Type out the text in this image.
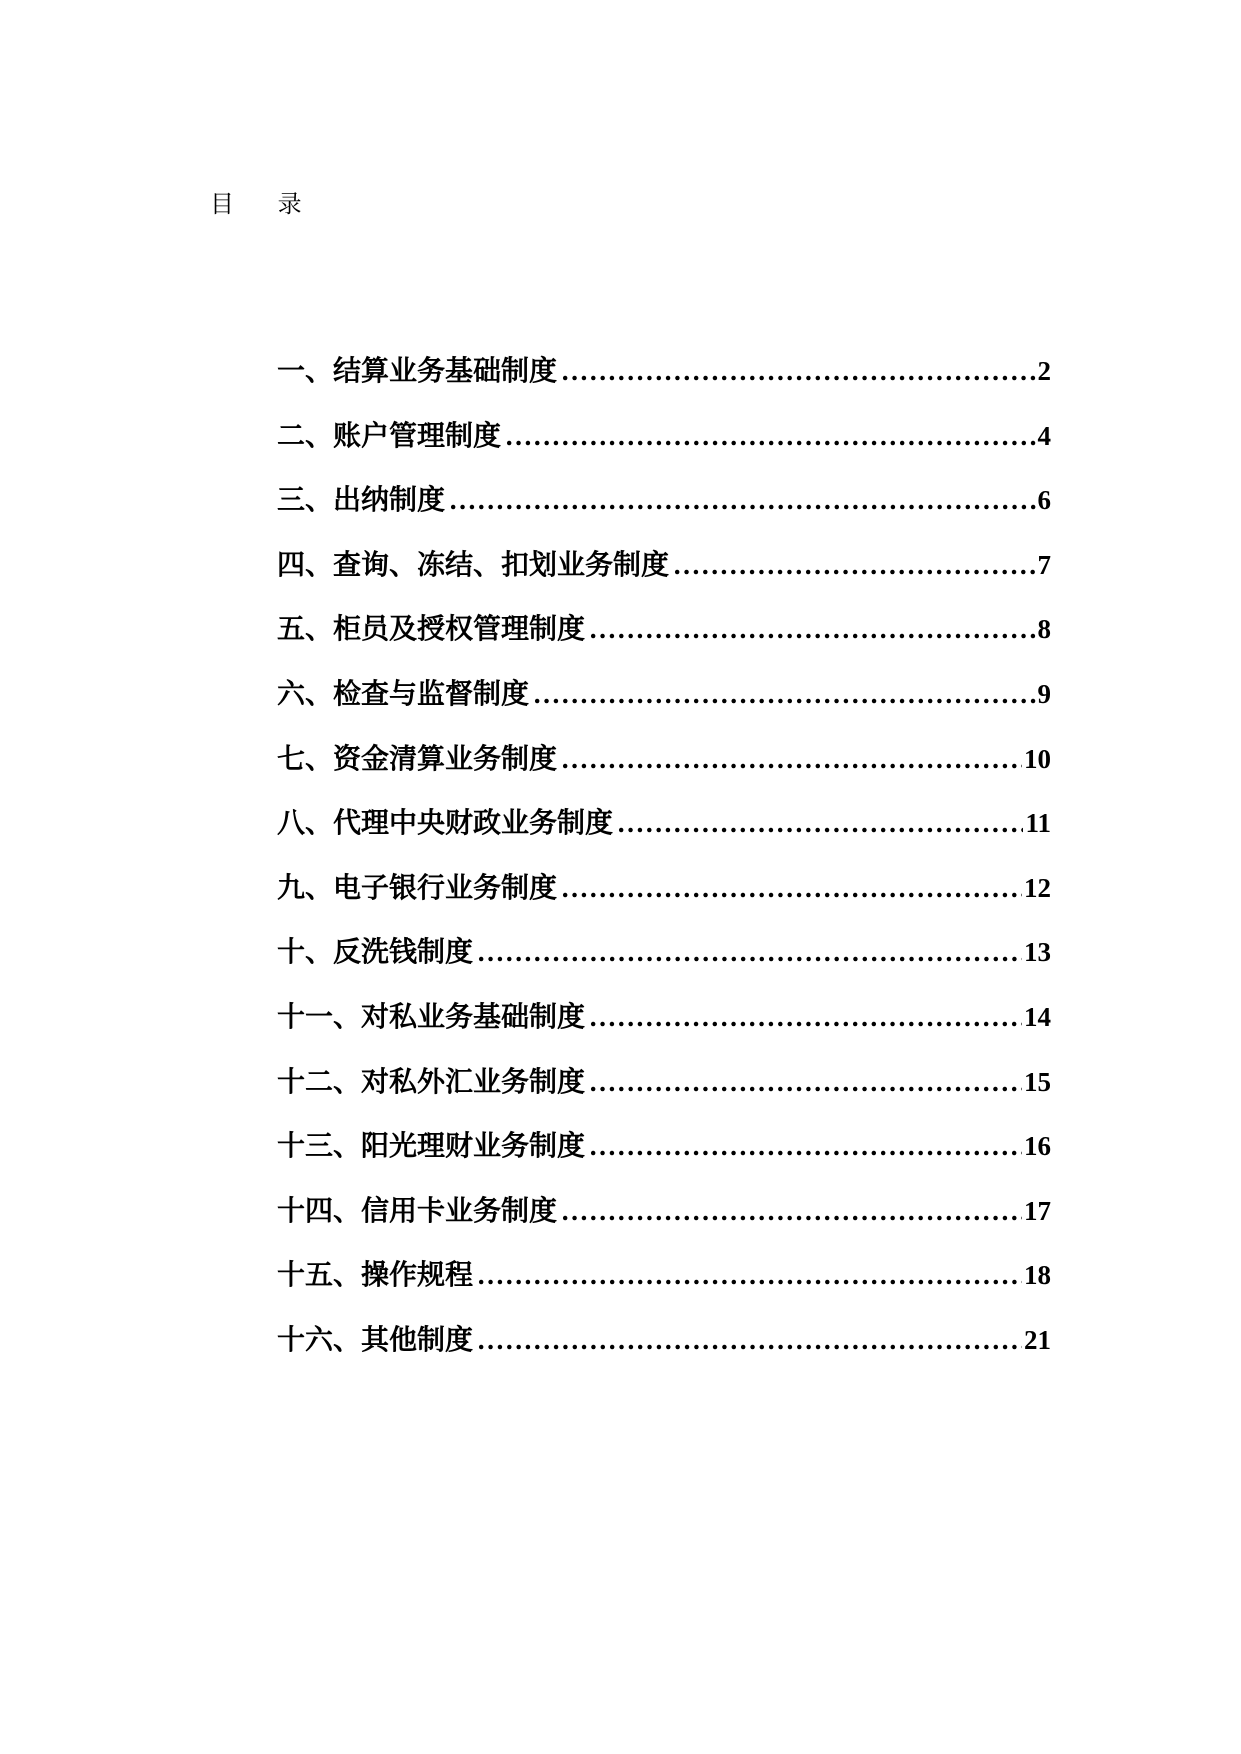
目 录
一、结算业务基础制度 .....	2
二、账户管理制度 .....	4
三、出纳制度 .....	6
四、查询、冻结、扣划业务制度 .....	7
五、柜员及授权管理制度 .....	8
六、检查与监督制度 .....	9
七、资金清算业务制度 .....	10
八、代理中央财政业务制度 .....	11
九、电子银行业务制度 .....	12
十、反洗钱制度 .....	13
十一、对私业务基础制度 .....	14
十二、对私外汇业务制度 .....	15
十三、阳光理财业务制度 .....	16
十四、信用卡业务制度 .....	17
十五、操作规程 .....	18
十六、其他制度 .....	21
